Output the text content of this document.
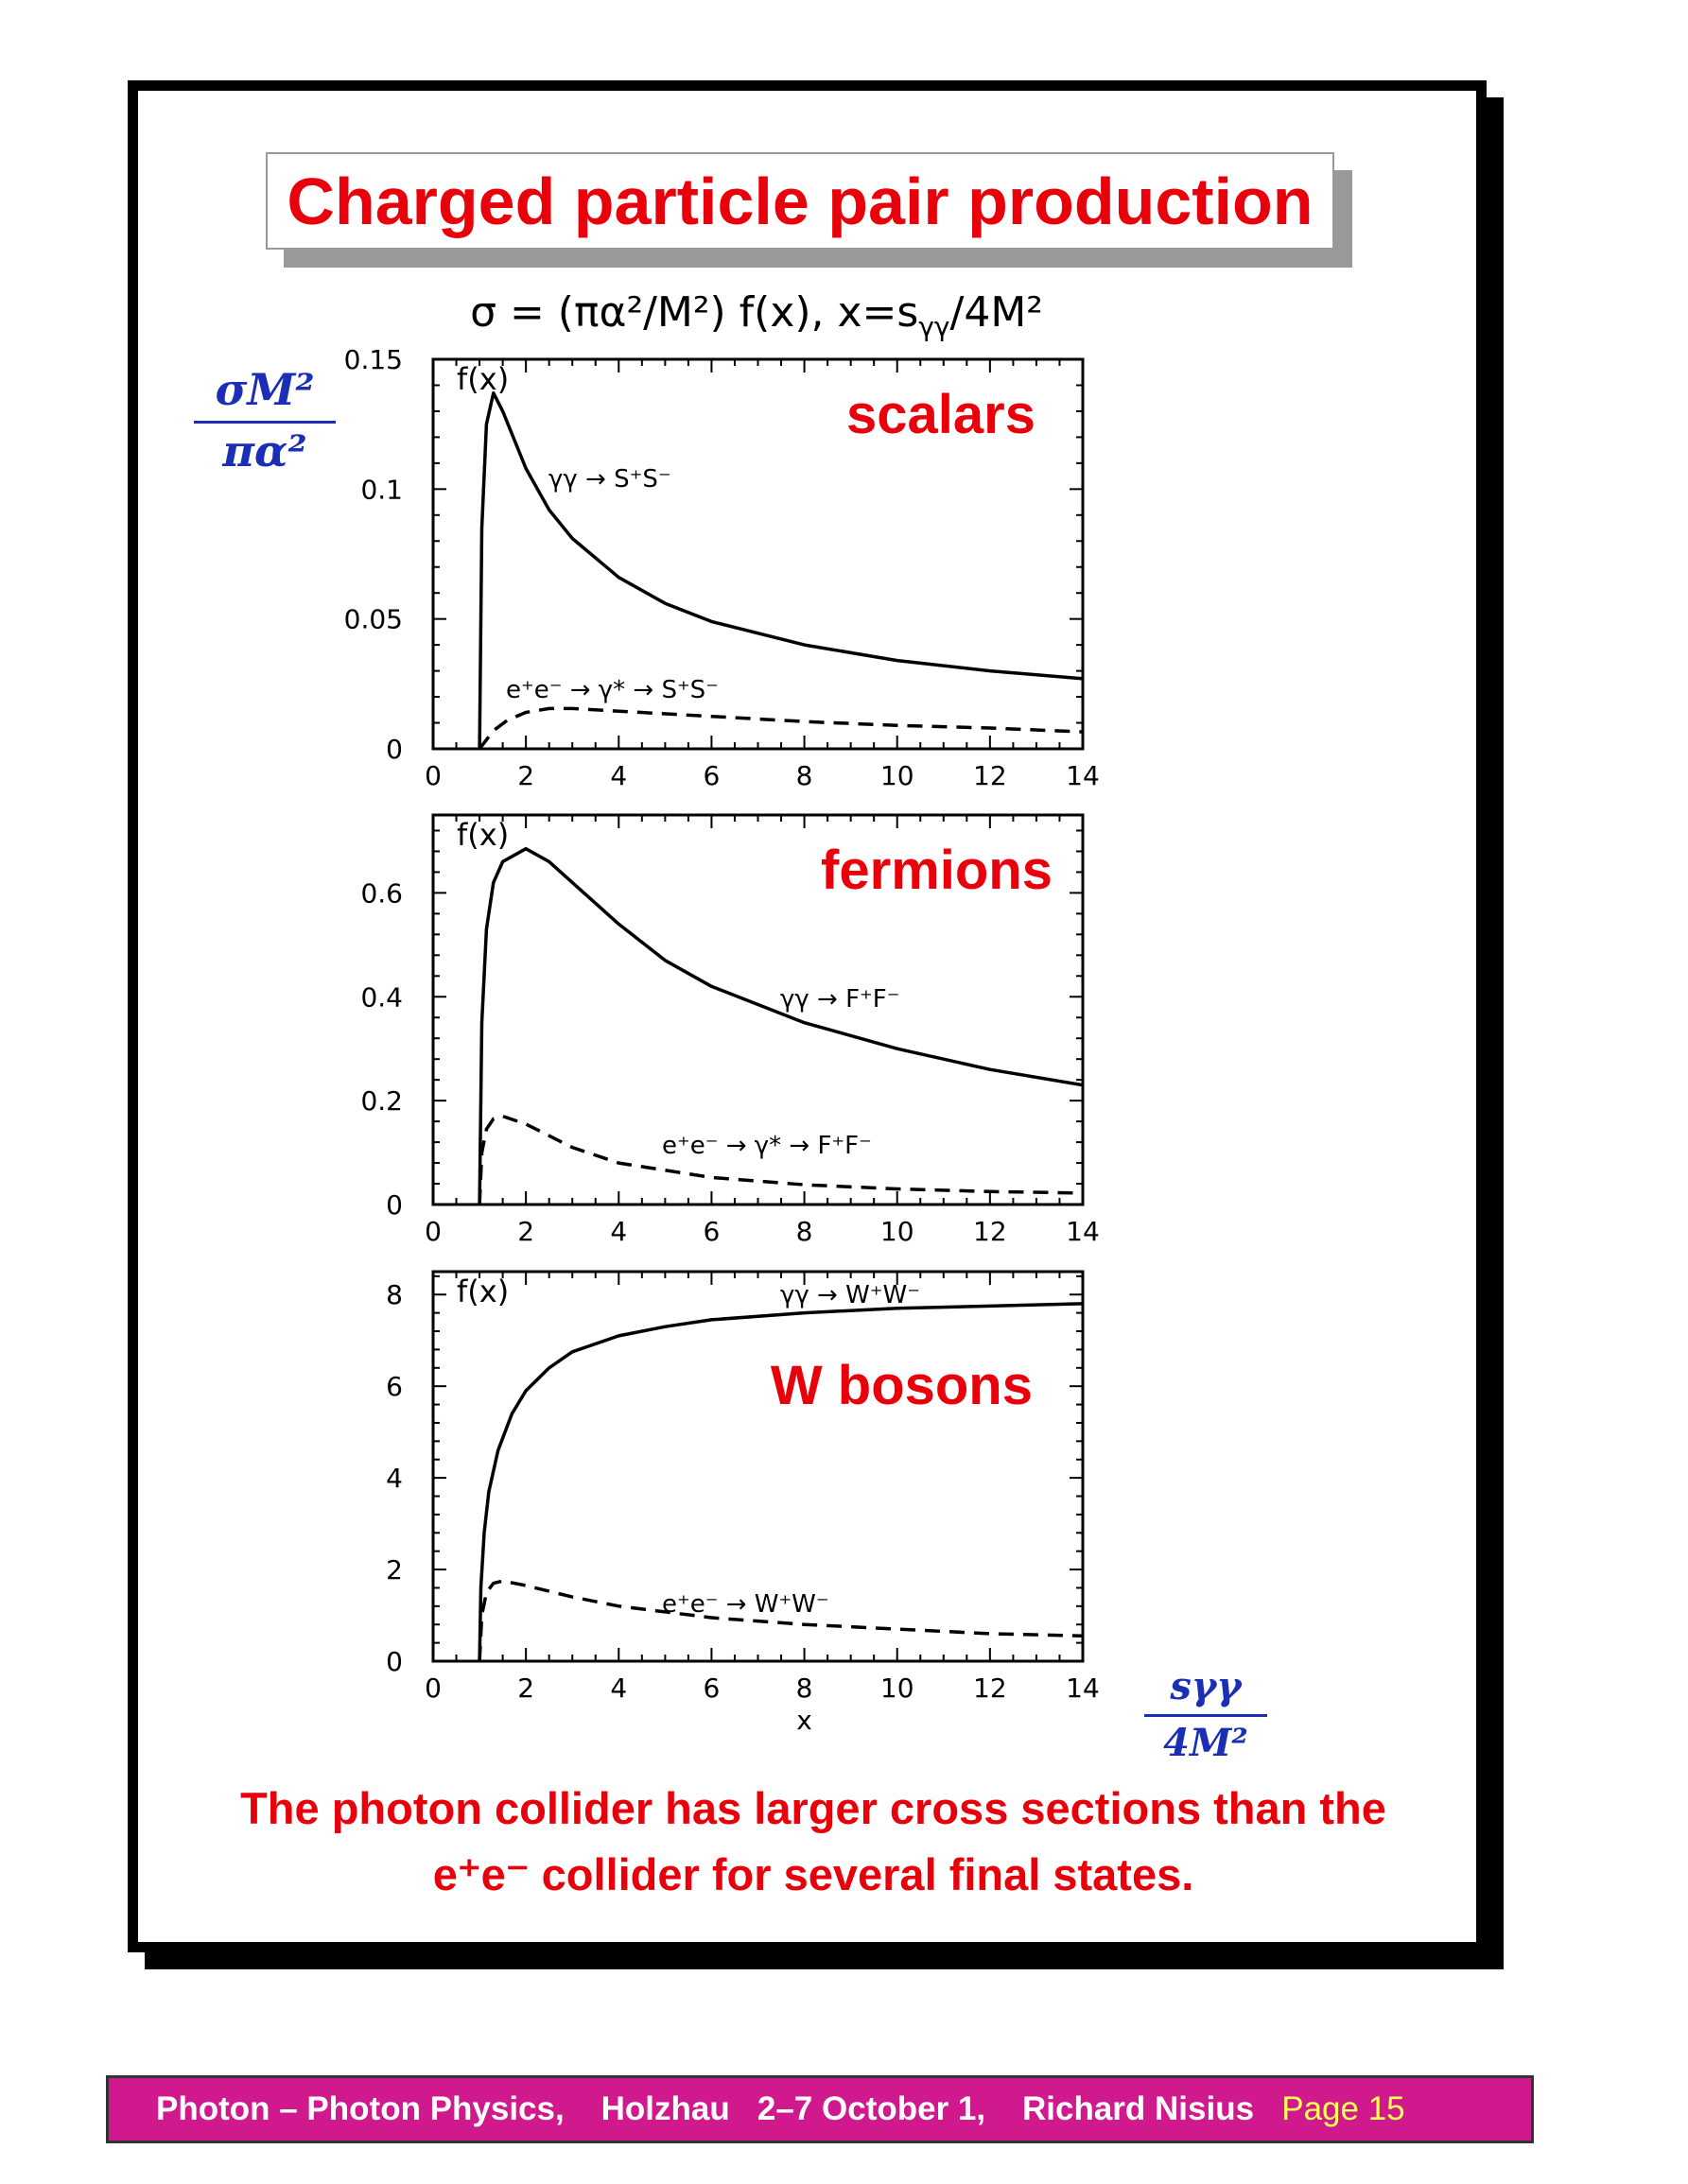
Charged particle pair production
σ = (πα²/M²) f(x), $x=s_{\gamma\gamma}/4M^2$
$\frac{\text{σM²}}{\text{πα²}}$
0	2	4	6	8	10 12 14
0
0.05
0.1
0.15
f(x)
scalars
γγ → S⁺S⁻
e⁺e⁻ → γ* → S⁺S⁻
0	2	4	6	8	10 12 14
0
0.2
0.4
0.6
f(x)
fermions
γγ → F⁺F⁻
e⁺e⁻ → γ* → F⁺F⁻
0	2	4	6	8	10 12 14
0
2
4
6
8 f(x)
W bosons
γγ → W⁺W⁻
e⁺e⁻ → W⁺W⁻
x
sγγ
4M²
The photon collider has larger cross sections than the
e⁺e⁻ collider for several final states.
Photon – Photon Physics,    Holzhau   2–7 October 1,    Richard Nisius Page 15
